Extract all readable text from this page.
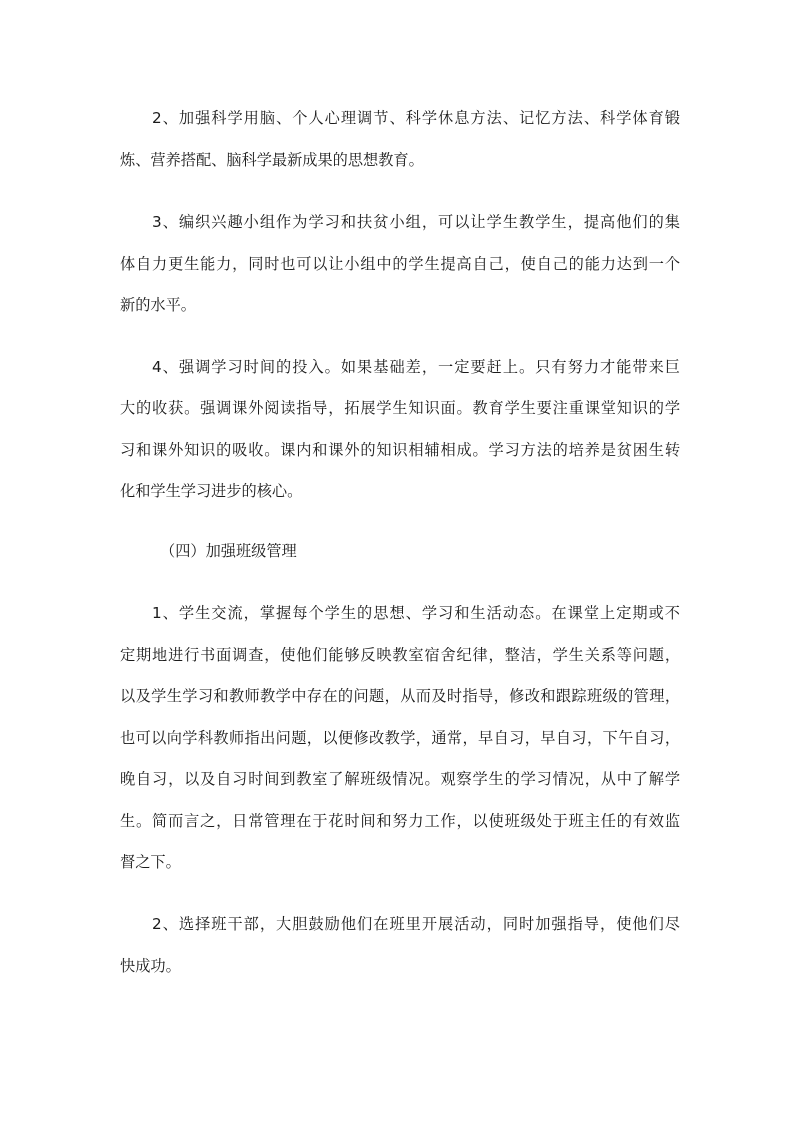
2、加强科学用脑、个人心理调节、科学休息方法、记忆方法、科学体育锻

炼、营养搭配、脑科学最新成果的思想教育。

3、编织兴趣小组作为学习和扶贫小组，可以让学生教学生，提高他们的集

体自力更生能力，同时也可以让小组中的学生提高自己，使自己的能力达到一个

新的水平。

4、强调学习时间的投入。如果基础差，一定要赶上。只有努力才能带来巨

大的收获。强调课外阅读指导，拓展学生知识面。教育学生要注重课堂知识的学

习和课外知识的吸收。课内和课外的知识相辅相成。学习方法的培养是贫困生转

化和学生学习进步的核心。

（四）加强班级管理

1、学生交流，掌握每个学生的思想、学习和生活动态。在课堂上定期或不

定期地进行书面调查，使他们能够反映教室宿舍纪律，整洁，学生关系等问题，

以及学生学习和教师教学中存在的问题，从而及时指导，修改和跟踪班级的管理，

也可以向学科教师指出问题，以便修改教学，通常，早自习，早自习，下午自习，

晚自习，以及自习时间到教室了解班级情况。观察学生的学习情况，从中了解学

生。简而言之，日常管理在于花时间和努力工作，以使班级处于班主任的有效监

督之下。

2、选择班干部，大胆鼓励他们在班里开展活动，同时加强指导，使他们尽

快成功。
